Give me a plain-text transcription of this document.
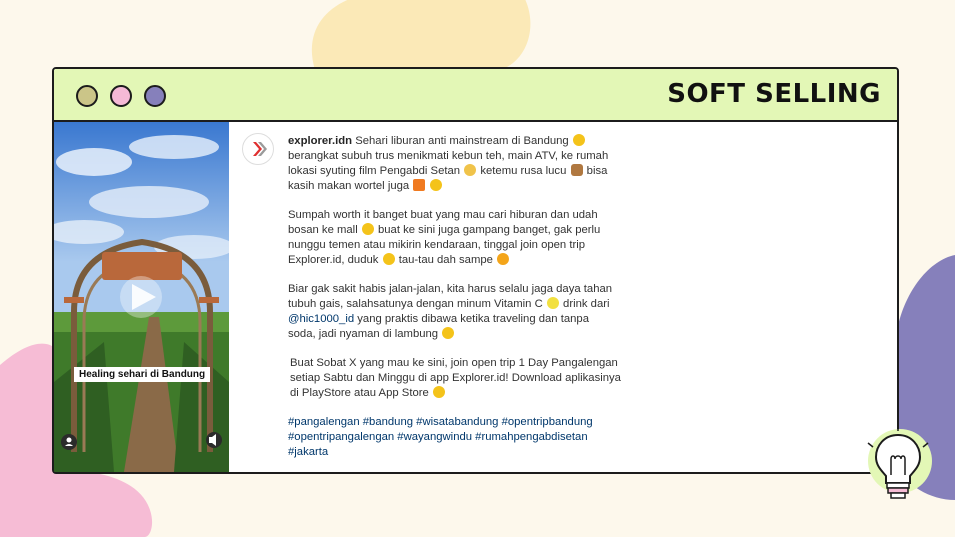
SOFT SELLING
Healing sehari di Bandung

explorer.idn Sehari liburan anti mainstream di Bandung
berangkat subuh trus menikmati kebun teh, main ATV, ke rumah
lokasi syuting film Pengabdi Setan ketemu rusa lucu bisa
kasih makan wortel juga

Sumpah worth it banget buat yang mau cari hiburan dan udah
bosan ke mall buat ke sini juga gampang banget, gak perlu
nunggu temen atau mikirin kendaraan, tinggal join open trip
Explorer.id, duduk tau-tau dah sampe

Biar gak sakit habis jalan-jalan, kita harus selalu jaga daya tahan
tubuh gais, salahsatunya dengan minum Vitamin C drink dari
@hic1000_id yang praktis dibawa ketika traveling dan tanpa
soda, jadi nyaman di lambung

Buat Sobat X yang mau ke sini, join open trip 1 Day Pangalengan
setiap Sabtu dan Minggu di app Explorer.id! Download aplikasinya
di PlayStore atau App Store

#pangalengan #bandung #wisatabandung #opentripbandung
#opentripangalengan #wayangwindu #rumahpengabdisetan
#jakarta
